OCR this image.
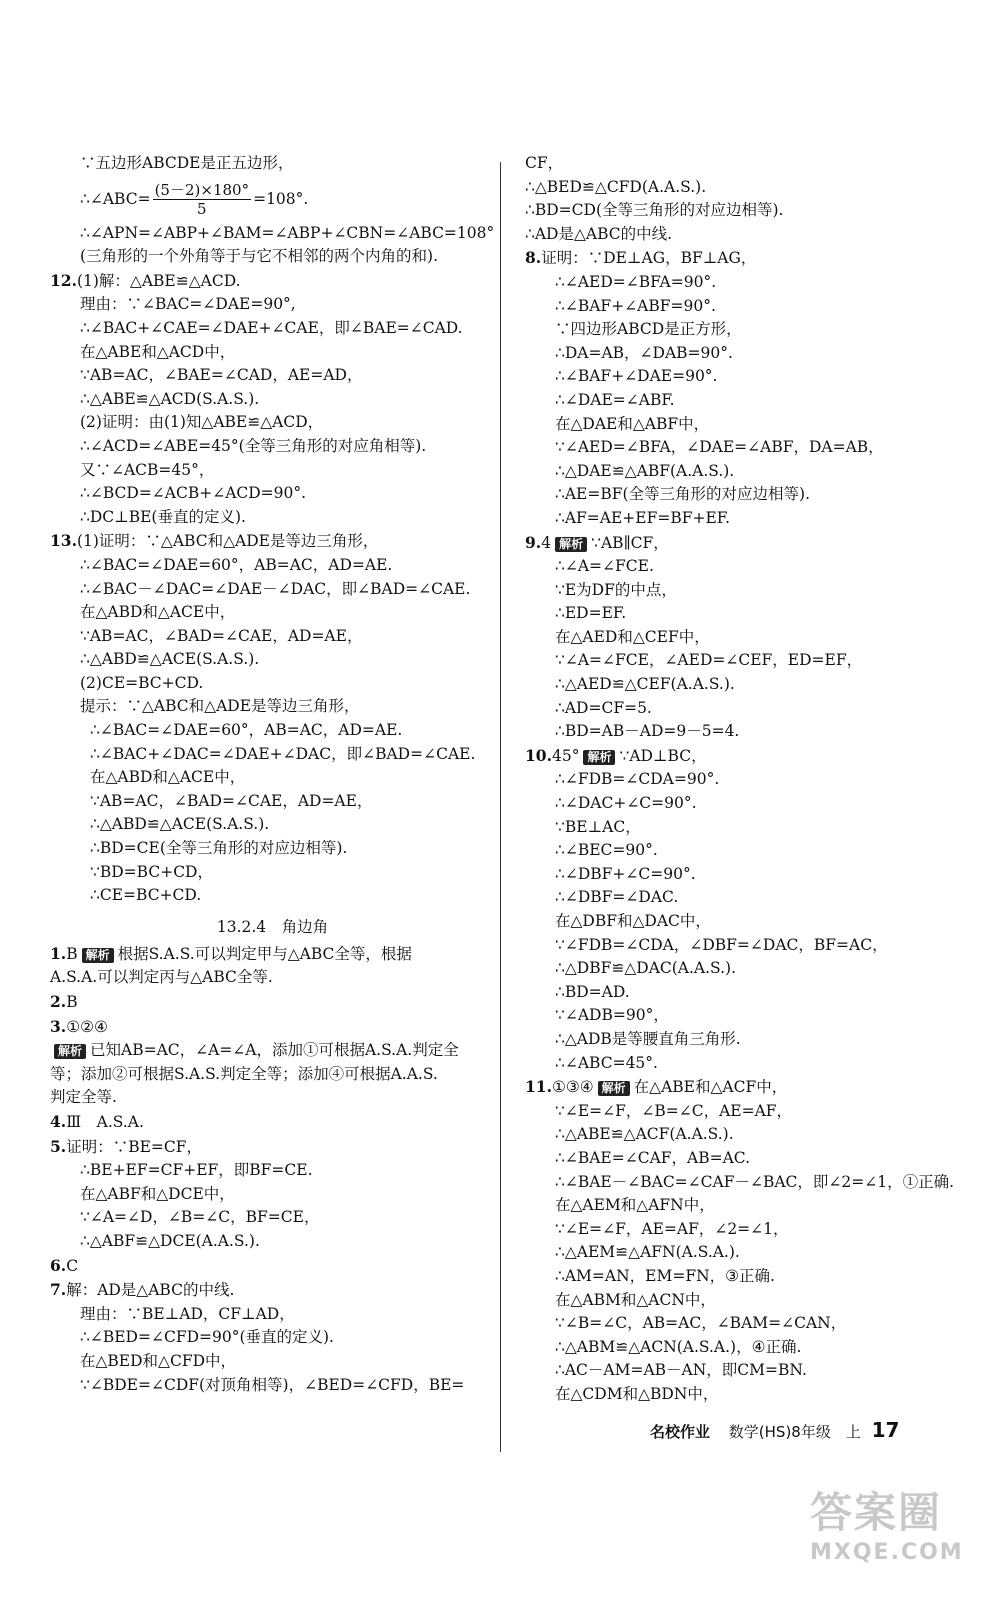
∵五边形ABCDE是正五边形，
∴∠ABC= $\frac{(5-2)\times 180^\circ}{5} =108^\circ$.
∴∠APN=∠ABP+∠BAM=∠ABP+∠CBN=∠ABC=108°
(三角形的一个外角等于与它不相邻的两个内角的和).
12.(1)解：△ABE≌△ACD.
理由：∵∠BAC=∠DAE=90°,
∴∠BAC+∠CAE=∠DAE+∠CAE，即∠BAE=∠CAD.
在△ABE和△ACD中，
∵AB=AC，∠BAE=∠CAD，AE=AD，
∴△ABE≌△ACD(S.A.S.).
(2)证明：由(1)知△ABE≌△ACD，
∴∠ACD=∠ABE=45°(全等三角形的对应角相等).
又∵∠ACB=45°，
∴∠BCD=∠ACB+∠ACD=90°.
∴DC⊥BE(垂直的定义).
13.(1)证明：∵△ABC和△ADE是等边三角形，
∴∠BAC=∠DAE=60°，AB=AC，AD=AE.
∴∠BAC－∠DAC=∠DAE－∠DAC，即∠BAD=∠CAE.
在△ABD和△ACE中，
∵AB=AC，∠BAD=∠CAE，AD=AE，
∴△ABD≌△ACE(S.A.S.).
(2)CE=BC+CD.
提示：∵△ABC和△ADE是等边三角形，
∴∠BAC=∠DAE=60°，AB=AC，AD=AE.
∴∠BAC+∠DAC=∠DAE+∠DAC，即∠BAD=∠CAE.
在△ABD和△ACE中，
∵AB=AC，∠BAD=∠CAE，AD=AE，
∴△ABD≌△ACE(S.A.S.).
∴BD=CE(全等三角形的对应边相等).
∵BD=BC+CD，
∴CE=BC+CD.
13.2.4　角边角
1.B 解析 根据S.A.S.可以判定甲与△ABC全等，根据
A.S.A.可以判定丙与△ABC全等.
2.B
3.①②④
解析 已知AB=AC，∠A=∠A，添加①可根据A.S.A.判定全
等；添加②可根据S.A.S.判定全等；添加④可根据A.A.S.
判定全等.
4.Ⅲ　A.S.A.
5.证明：∵BE=CF，
∴BE+EF=CF+EF，即BF=CE.
在△ABF和△DCE中，
∵∠A=∠D，∠B=∠C，BF=CE，
∴△ABF≌△DCE(A.A.S.).
6.C
7.解：AD是△ABC的中线.
理由：∵BE⊥AD，CF⊥AD，
∴∠BED=∠CFD=90°(垂直的定义).
在△BED和△CFD中，
∵∠BDE=∠CDF(对顶角相等)，∠BED=∠CFD，BE=
CF，
∴△BED≌△CFD(A.A.S.).
∴BD=CD(全等三角形的对应边相等).
∴AD是△ABC的中线.
8.证明：∵DE⊥AG，BF⊥AG，
∴∠AED=∠BFA=90°.
∴∠BAF+∠ABF=90°.
∵四边形ABCD是正方形，
∴DA=AB，∠DAB=90°.
∴∠BAF+∠DAE=90°.
∴∠DAE=∠ABF.
在△DAE和△ABF中，
∵∠AED=∠BFA，∠DAE=∠ABF，DA=AB，
∴△DAE≌△ABF(A.A.S.).
∴AE=BF(全等三角形的对应边相等).
∴AF=AE+EF=BF+EF.
9.4 解析 ∵AB∥CF，
∴∠A=∠FCE.
∵E为DF的中点，
∴ED=EF.
在△AED和△CEF中，
∵∠A=∠FCE，∠AED=∠CEF，ED=EF，
∴△AED≌△CEF(A.A.S.).
∴AD=CF=5.
∴BD=AB－AD=9－5=4.
10.45° 解析 ∵AD⊥BC，
∴∠FDB=∠CDA=90°.
∴∠DAC+∠C=90°.
∵BE⊥AC，
∴∠BEC=90°.
∴∠DBF+∠C=90°.
∴∠DBF=∠DAC.
在△DBF和△DAC中，
∵∠FDB=∠CDA，∠DBF=∠DAC，BF=AC，
∴△DBF≌△DAC(A.A.S.).
∴BD=AD.
∵∠ADB=90°，
∴△ADB是等腰直角三角形.
∴∠ABC=45°.
11.①③④ 解析 在△ABE和△ACF中，
∵∠E=∠F，∠B=∠C，AE=AF，
∴△ABE≌△ACF(A.A.S.).
∴∠BAE=∠CAF，AB=AC.
∴∠BAE－∠BAC=∠CAF－∠BAC，即∠2=∠1，①正确.
在△AEM和△AFN中，
∵∠E=∠F，AE=AF，∠2=∠1，
∴△AEM≌△AFN(A.S.A.).
∴AM=AN，EM=FN，③正确.
在△ABM和△ACN中，
∵∠B=∠C，AB=AC，∠BAM=∠CAN，
∴△ABM≌△ACN(A.S.A.)，④正确.
∴AC－AM=AB－AN，即CM=BN.
在△CDM和△BDN中，
名校作业 数学(HS)8年级　上 17
答案圈
MXQE.COM
